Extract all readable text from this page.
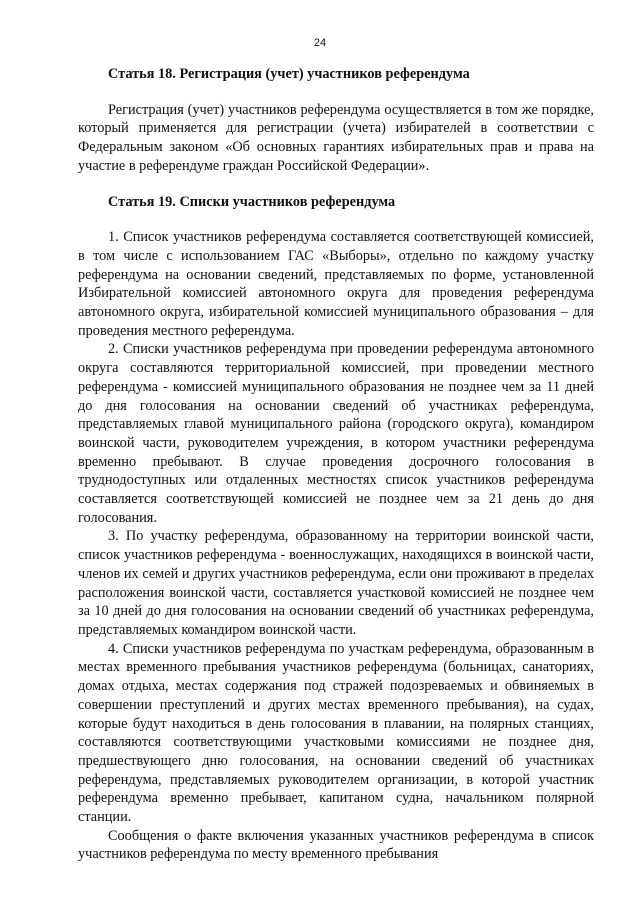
24

Статья 18. Регистрация (учет) участников референдума

Регистрация (учет) участников референдума осуществляется в том же порядке, который применяется для регистрации (учета) избирателей в соответствии с Федеральным законом «Об основных гарантиях избирательных прав и права на участие в референдуме граждан Российской Федерации».

Статья 19. Списки участников референдума

1. Список участников референдума составляется соответствующей комиссией, в том числе с использованием ГАС «Выборы», отдельно по каждому участку референдума на основании сведений, представляемых по форме, установленной Избирательной комиссией автономного округа для проведения референдума автономного округа, избирательной комиссией муниципального образования – для проведения местного референдума.

2. Списки участников референдума при проведении референдума автономного округа составляются территориальной комиссией, при проведении местного референдума - комиссией муниципального образования не позднее чем за 11 дней до дня голосования на основании сведений об участниках референдума, представляемых главой муниципального района (городского округа), командиром воинской части, руководителем учреждения, в котором участники референдума временно пребывают. В случае проведения досрочного голосования в труднодоступных или отдаленных местностях список участников референдума составляется соответствующей комиссией не позднее чем за 21 день до дня голосования.

3. По участку референдума, образованному на территории воинской части, список участников референдума - военнослужащих, находящихся в воинской части, членов их семей и других участников референдума, если они проживают в пределах расположения воинской части, составляется участковой комиссией не позднее чем за 10 дней до дня голосования на основании сведений об участниках референдума, представляемых командиром воинской части.

4. Списки участников референдума по участкам референдума, образованным в местах временного пребывания участников референдума (больницах, санаториях, домах отдыха, местах содержания под стражей подозреваемых и обвиняемых в совершении преступлений и других местах временного пребывания), на судах, которые будут находиться в день голосования в плавании, на полярных станциях, составляются соответствующими участковыми комиссиями не позднее дня, предшествующего дню голосования, на основании сведений об участниках референдума, представляемых руководителем организации, в которой участник референдума временно пребывает, капитаном судна, начальником полярной станции.

Сообщения о факте включения указанных участников референдума в список участников референдума по месту временного пребывания
